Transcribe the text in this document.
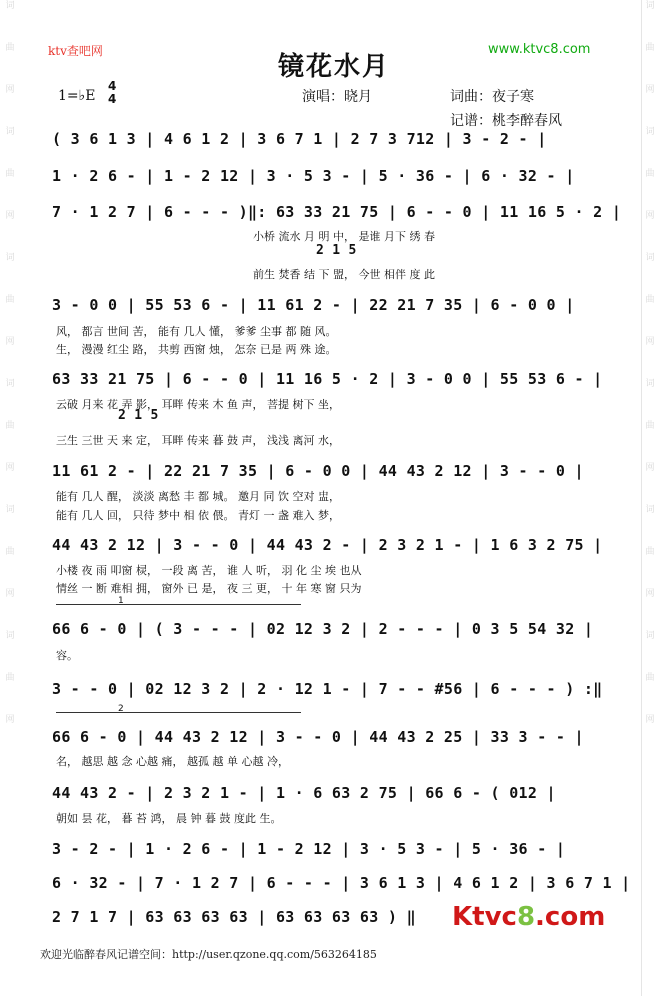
词
曲
网
词
曲
网
词
曲
网
词
曲
网
词
曲
网
词
曲
网
词
曲
网
词
曲
网
词
曲
网
词
曲
网
词
曲
网
词
曲
网
ktv查吧网	www.ktvc8.com
镜花水月
1=♭E
4
4	演唱：晓月	词曲：夜子寒
记谱：桃李醉春风
( 3 6 1 3 | 4 6 1 2 | 3 6 7 1 | 2 7 3 712 | 3 - 2 - |
1 · 2 6 - | 1 - 2 12 | 3 · 5 3 - | 5 · 36 - | 6 · 32 - |
7 · 1 2 7 | 6 - - - )‖: 63 33 21 75 | 6 - - 0 | 11 16 5 · 2 |
小桥 流水 月 明 中， 是谁 月下 绣 春
2 1 5
前生 焚香 结 下 盟， 今世 相伴 度 此
3 - 0 0 | 55 53 6 - | 11 61 2 - | 22 21 7 35 | 6 - 0 0 |
风， 都言 世间 苦， 能有 几人 懂， 爹爹 尘事 都 随 风。
生， 漫漫 红尘 路， 共剪 西窗 烛， 怎奈 已是 两 殊 途。
63 33 21 75 | 6 - - 0 | 11 16 5 · 2 | 3 - 0 0 | 55 53 6 - |
云破 月来 花 弄 影， 耳畔 传来 木 鱼 声， 菩提 树下 坐，
2 1 5
三生 三世 天 来 定， 耳畔 传来 暮 鼓 声， 浅浅 离河 水，
11 61 2 - | 22 21 7 35 | 6 - 0 0 | 44 43 2 12 | 3 - - 0 |
能有 几人 醒， 淡淡 离愁 丰 都 城。 邀月 同 饮 空对 盅，
能有 几人 回， 只待 梦中 相 依 偎。 青灯 一 盏 难入 梦，
44 43 2 12 | 3 - - 0 | 44 43 2 - | 2 3 2 1 - | 1 6 3 2 75 |
小楼 夜 雨 叩窗 棂， 一段 离 苦， 谁 人 听， 羽 化 尘 埃 也从
情丝 一 断 难相 拥， 窗外 已 是， 夜 三 更， 十 年 寒 窗 只为
1
66 6 - 0 | ( 3 - - - | 02 12 3 2 | 2 - - - | 0 3 5 54 32 |
容。
3 - - 0 | 02 12 3 2 | 2 · 12 1 - | 7 - - #56 | 6 - - - ) :‖
2
66 6 - 0 | 44 43 2 12 | 3 - - 0 | 44 43 2 25 | 33 3 - - |
名， 越思 越 念 心越 痛， 越孤 越 单 心越 冷，
44 43 2 - | 2 3 2 1 - | 1 · 6 63 2 75 | 66 6 - ( 012 |
朝如 昙 花， 暮 苔 鸿， 晨 钟 暮 鼓 度此 生。
3 - 2 - | 1 · 2 6 - | 1 - 2 12 | 3 · 5 3 - | 5 · 36 - |
6 · 32 - | 7 · 1 2 7 | 6 - - - | 3 6 1 3 | 4 6 1 2 | 3 6 7 1 |
2 7 1 7 | 63 63 63 63 | 63 63 63 63 ) ‖ Ktvc8.com
欢迎光临醉春风记谱空间：http://user.qzone.qq.com/563264185
